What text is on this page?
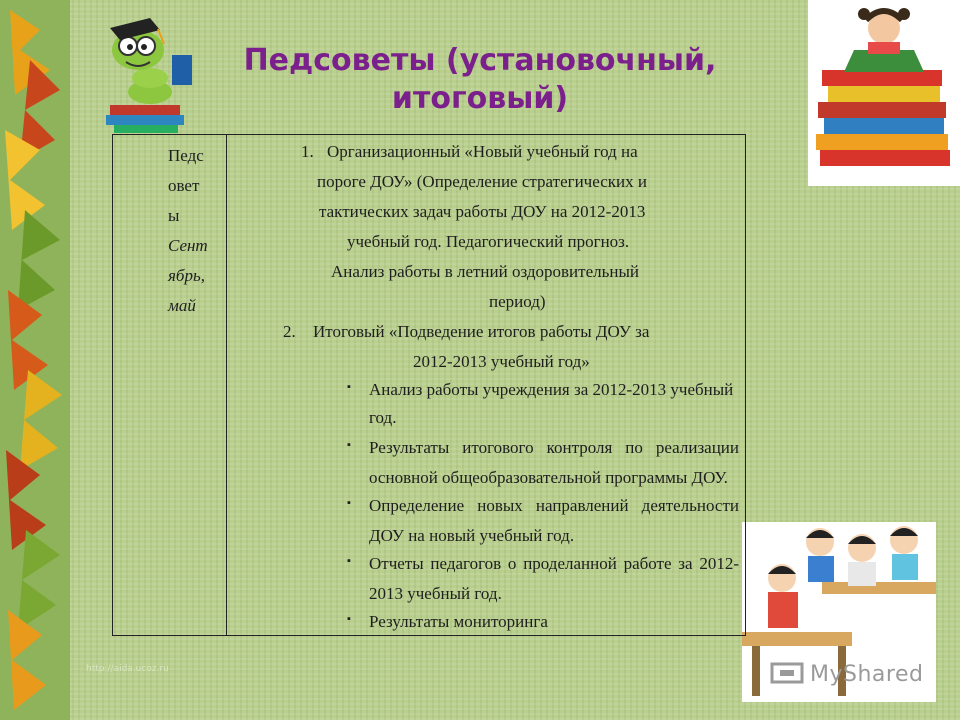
Педсоветы (установочный,
итоговый)
Педс
овет
ы
Сент
ябрь,
май
1. Организационный «Новый учебный год на
пороге ДОУ» (Определение стратегических и
тактических задач работы ДОУ на 2012-2013
учебный год. Педагогический прогноз.
Анализ работы в летний оздоровительный
период)
2. Итоговый «Подведение итогов работы ДОУ за
2012-2013 учебный год»
▪ Анализ работы учреждения за 2012-2013 учебный
год.
▪ Результаты итогового контроля по реализации
основной общеобразовательной программы ДОУ.
▪ Определение новых направлений деятельности
ДОУ на новый учебный год.
▪ Отчеты педагогов о проделанной работе за 2012-
2013 учебный год.
▪ Результаты мониторинга
http://aida.ucoz.ru	MyShared
